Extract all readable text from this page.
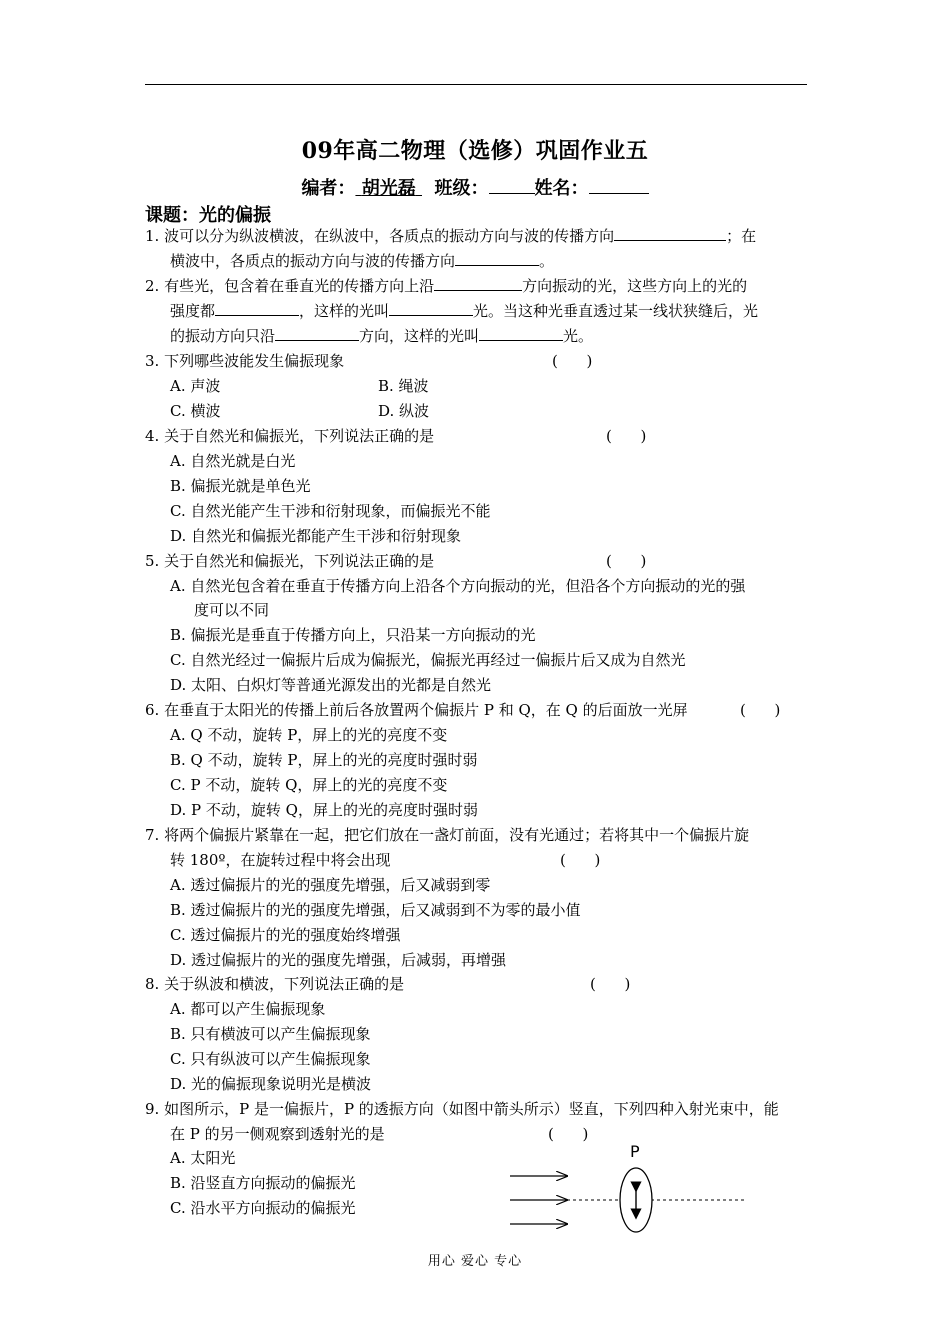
09年高二物理（选修）巩固作业五
编者： 胡光磊 班级：	姓名：
课题：光的偏振
1. 波可以分为纵波横波，在纵波中，各质点的振动方向与波的传播方向	；在
横波中，各质点的振动方向与波的传播方向	。
2. 有些光，包含着在垂直光的传播方向上沿	方向振动的光，这些方向上的光的
强度都	，这样的光叫	光。当这种光垂直透过某一线状狭缝后，光
的振动方向只沿	方向，这样的光叫	光。
3. 下列哪些波能发生偏振现象	(      )
A. 声波	B. 绳波
C. 横波	D. 纵波
4. 关于自然光和偏振光，下列说法正确的是	(      )
A. 自然光就是白光
B. 偏振光就是单色光
C. 自然光能产生干涉和衍射现象，而偏振光不能
D. 自然光和偏振光都能产生干涉和衍射现象
5. 关于自然光和偏振光，下列说法正确的是	(      )
A. 自然光包含着在垂直于传播方向上沿各个方向振动的光，但沿各个方向振动的光的强
度可以不同
B. 偏振光是垂直于传播方向上，只沿某一方向振动的光
C. 自然光经过一偏振片后成为偏振光，偏振光再经过一偏振片后又成为自然光
D. 太阳、白炽灯等普通光源发出的光都是自然光
6. 在垂直于太阳光的传播上前后各放置两个偏振片 P 和 Q，在 Q 的后面放一光屏	(      )
A. Q 不动，旋转 P，屏上的光的亮度不变
B. Q 不动，旋转 P，屏上的光的亮度时强时弱
C. P 不动，旋转 Q，屏上的光的亮度不变
D. P 不动，旋转 Q，屏上的光的亮度时强时弱
7. 将两个偏振片紧靠在一起，把它们放在一盏灯前面，没有光通过；若将其中一个偏振片旋
转 180º，在旋转过程中将会出现	(      )
A. 透过偏振片的光的强度先增强，后又减弱到零
B. 透过偏振片的光的强度先增强，后又减弱到不为零的最小值
C. 透过偏振片的光的强度始终增强
D. 透过偏振片的光的强度先增强，后减弱，再增强
8. 关于纵波和横波，下列说法正确的是	(      )
A. 都可以产生偏振现象
B. 只有横波可以产生偏振现象
C. 只有纵波可以产生偏振现象
D. 光的偏振现象说明光是横波
9. 如图所示，P 是一偏振片，P 的透振方向（如图中箭头所示）竖直，下列四种入射光束中，能
在 P 的另一侧观察到透射光的是	(      )
A. 太阳光
B. 沿竖直方向振动的偏振光
C. 沿水平方向振动的偏振光
P
用心 爱心 专心
